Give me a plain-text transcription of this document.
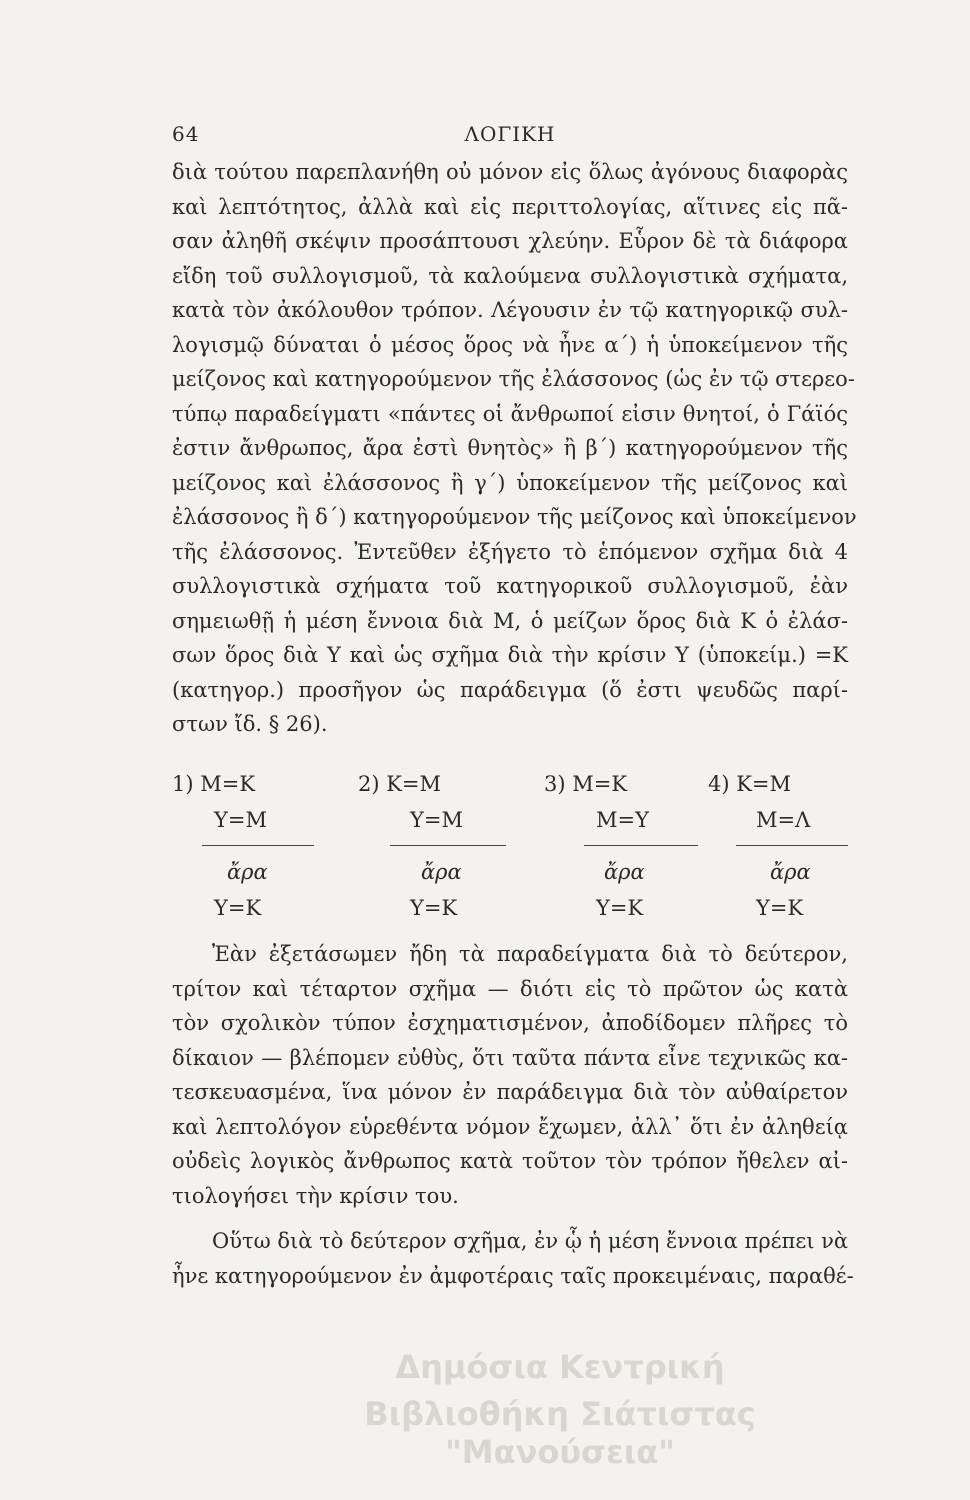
64	ΛΟΓΙΚΗ
διὰ τούτου παρεπλανήθη οὐ μόνον εἰς ὅλως ἀγόνους διαφορὰς
καὶ λεπτότητος, ἀλλὰ καὶ εἰς περιττολογίας, αἵτινες εἰς πᾶ-
σαν ἀληθῆ σκέψιν προσάπτουσι χλεύην. Εὗρον δὲ τὰ διάφορα
εἴδη τοῦ συλλογισμοῦ, τὰ καλούμενα συλλογιστικὰ σχήματα,
κατὰ τὸν ἀκόλουθον τρόπον. Λέγουσιν ἐν τῷ κατηγορικῷ συλ-
λογισμῷ δύναται ὁ μέσος ὅρος νὰ ἦνε α΄) ἡ ὑποκείμενον τῆς
μείζονος καὶ κατηγορούμενον τῆς ἐλάσσονος (ὡς ἐν τῷ στερεο-
τύπῳ παραδείγματι «πάντες οἱ ἄνθρωποί εἰσιν θνητοί, ὁ Γάϊός
ἐστιν ἄνθρωπος, ἄρα ἐστὶ θνητὸς» ἢ β΄) κατηγορούμενον τῆς
μείζονος καὶ ἐλάσσονος ἢ γ΄) ὑποκείμενον τῆς μείζονος καὶ
ἐλάσσονος ἢ δ΄) κατηγορούμενον τῆς μείζονος καὶ ὑποκείμενον
τῆς ἐλάσσονος. Ἐντεῦθεν ἐξήγετο τὸ ἑπόμενον σχῆμα διὰ 4
συλλογιστικὰ σχήματα τοῦ κατηγορικοῦ συλλογισμοῦ, ἐὰν
σημειωθῇ ἡ μέση ἔννοια διὰ Μ, ὁ μείζων ὅρος διὰ Κ ὁ ἐλάσ-
σων ὅρος διὰ Υ καὶ ὡς σχῆμα διὰ τὴν κρίσιν Υ (ὑποκείμ.) =Κ
(κατηγορ.) προσῆγον ὡς παράδειγμα (ὅ ἐστι ψευδῶς παρί-
στων ἴδ. § 26).
1) Μ=Κ
Υ=Μ
ἄρα
Υ=Κ
2) Κ=Μ
Υ=Μ
ἄρα
Υ=Κ
3) Μ=Κ
Μ=Υ
ἄρα
Υ=Κ
4) Κ=Μ
Μ=Λ
ἄρα
Υ=Κ
Ἐὰν ἐξετάσωμεν ἤδη τὰ παραδείγματα διὰ τὸ δεύτερον,
τρίτον καὶ τέταρτον σχῆμα — διότι εἰς τὸ πρῶτον ὡς κατὰ
τὸν σχολικὸν τύπον ἐσχηματισμένον, ἀποδίδομεν πλῆρες τὸ
δίκαιον — βλέπομεν εὐθὺς, ὅτι ταῦτα πάντα εἶνε τεχνικῶς κα-
τεσκευασμένα, ἵνα μόνον ἐν παράδειγμα διὰ τὸν αὐθαίρετον
καὶ λεπτολόγον εὑρεθέντα νόμον ἔχωμεν, ἀλλ᾽ ὅτι ἐν ἀληθείᾳ
οὐδεὶς λογικὸς ἄνθρωπος κατὰ τοῦτον τὸν τρόπον ἤθελεν αἰ-
τιολογήσει τὴν κρίσιν του.
Οὕτω διὰ τὸ δεύτερον σχῆμα, ἐν ᾧ ἡ μέση ἔννοια πρέπει νὰ
ἦνε κατηγορούμενον ἐν ἀμφοτέραις ταῖς προκειμέναις, παραθέ-
Δημόσια Κεντρική
Βιβλιοθήκη Σιάτιστας "Μανούσεια"
